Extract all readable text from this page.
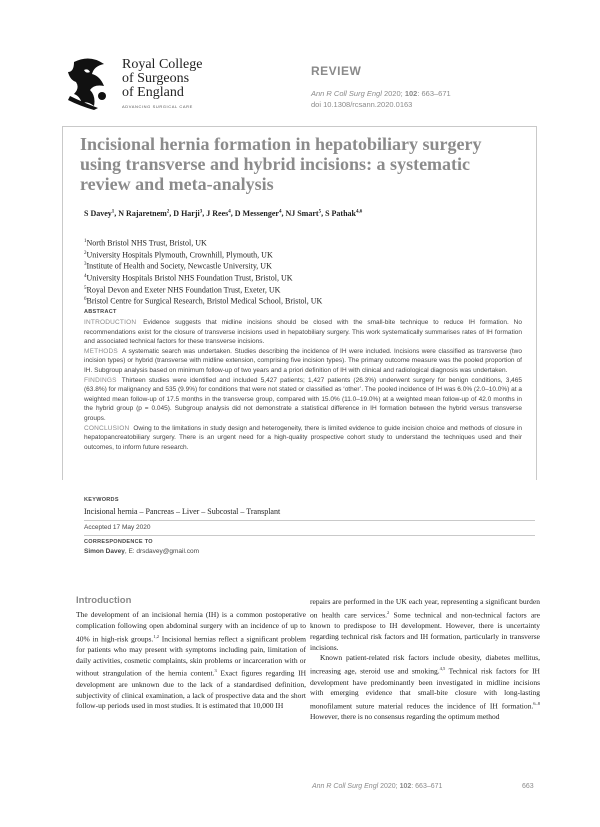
Royal College
of Surgeons
of England
ADVANCING SURGICAL CARE
REVIEW
Ann R Coll Surg Engl 2020; 102: 663–671
doi 10.1308/rcsann.2020.0163
Incisional hernia formation in hepatobiliary surgery using transverse and hybrid incisions: a systematic review and meta-analysis
S Davey$^1$, N Rajaretnem$^2$, D Harji$^3$, J Rees$^4$, D Messenger$^4$, NJ Smart$^5$, S Pathak$^{4,6}$
$^1$North Bristol NHS Trust, Bristol, UK
$^2$University Hospitals Plymouth, Crownhill, Plymouth, UK
$^3$Institute of Health and Society, Newcastle University, UK
$^4$University Hospitals Bristol NHS Foundation Trust, Bristol, UK
$^5$Royal Devon and Exeter NHS Foundation Trust, Exeter, UK
$^6$Bristol Centre for Surgical Research, Bristol Medical School, Bristol, UK
ABSTRACT

INTRODUCTION Evidence suggests that midline incisions should be closed with the small-bite technique to reduce IH formation. No recommendations exist for the closure of transverse incisions used in hepatobiliary surgery. This work systematically summarises rates of IH formation and associated technical factors for these transverse incisions.

METHODS A systematic search was undertaken. Studies describing the incidence of IH were included. Incisions were classified as transverse (two incision types) or hybrid (transverse with midline extension, comprising five incision types). The primary outcome measure was the pooled proportion of IH. Subgroup analysis based on minimum follow-up of two years and a priori definition of IH with clinical and radiological diagnosis was undertaken.

FINDINGS Thirteen studies were identified and included 5,427 patients; 1,427 patients (26.3%) underwent surgery for benign conditions, 3,465 (63.8%) for malignancy and 535 (9.9%) for conditions that were not stated or classified as ‘other’. The pooled incidence of IH was 6.0% (2.0–10.0%) at a weighted mean follow-up of 17.5 months in the transverse group, compared with 15.0% (11.0–19.0%) at a weighted mean follow-up of 42.0 months in the hybrid group (p = 0.045). Subgroup analysis did not demonstrate a statistical difference in IH formation between the hybrid versus transverse groups.

CONCLUSION Owing to the limitations in study design and heterogeneity, there is limited evidence to guide incision choice and methods of closure in hepatopancreatobiliary surgery. There is an urgent need for a high-quality prospective cohort study to understand the techniques used and their outcomes, to inform future research.

KEYWORDS
Incisional hernia – Pancreas – Liver – Subcostal – Transplant
Accepted 17 May 2020
CORRESPONDENCE TO
Simon Davey, E: drsdavey@gmail.com
Introduction

The development of an incisional hernia (IH) is a common postoperative complication following open abdominal surgery with an incidence of up to 40% in high-risk groups.$^{1,2}$ Incisional hernias reflect a significant problem for patients who may present with symptoms including pain, limitation of daily activities, cosmetic complaints, skin problems or incarceration with or without strangulation of the hernia content.$^3$ Exact figures regarding IH development are unknown due to the lack of a standardised definition, subjectivity of clinical examination, a lack of prospective data and the short follow-up periods used in most studies. It is estimated that 10,000 IH

repairs are performed in the UK each year, representing a significant burden on health care services.$^2$ Some technical and non-technical factors are known to predispose to IH development. However, there is uncertainty regarding technical risk factors and IH formation, particularly in transverse incisions.

Known patient-related risk factors include obesity, diabetes mellitus, increasing age, steroid use and smoking.$^{4,5}$ Technical risk factors for IH development have predominantly been investigated in midline incisions with emerging evidence that small-bite closure with long-lasting monofilament suture material reduces the incidence of IH formation.$^{6-8}$ However, there is no consensus regarding the optimum method

Ann R Coll Surg Engl 2020; 102: 663–671	663
